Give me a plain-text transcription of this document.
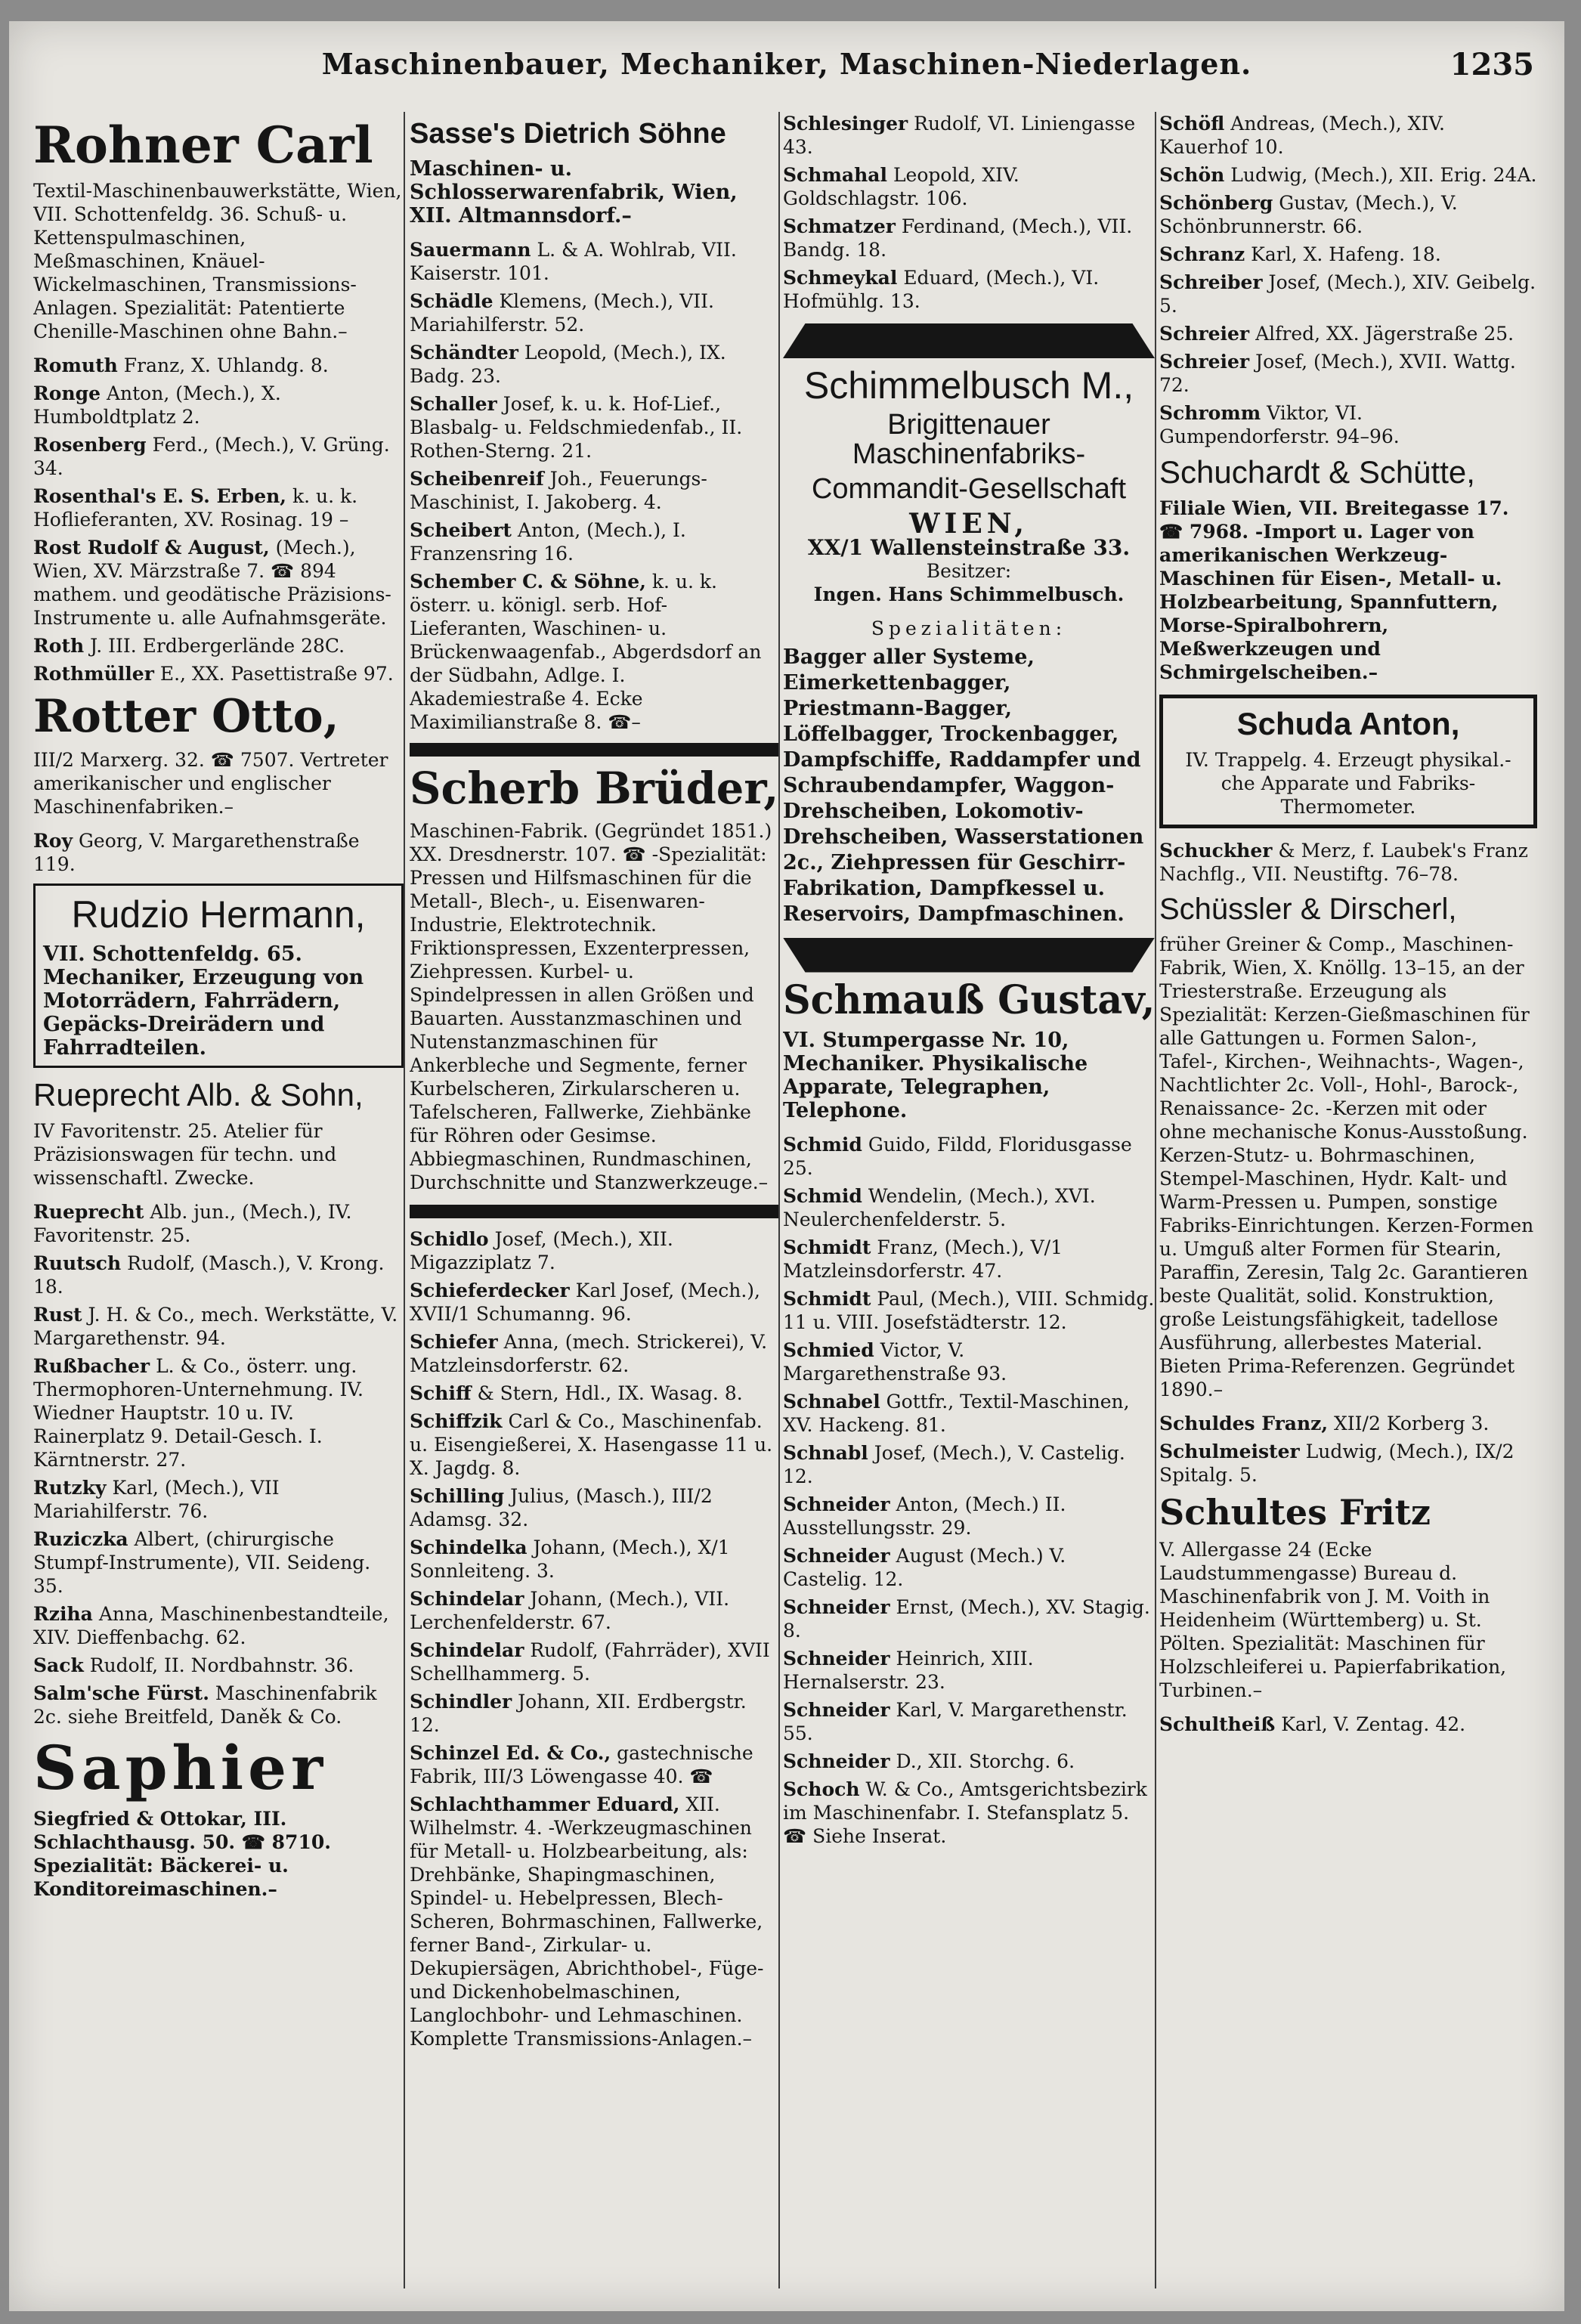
Maschinenbauer, Mechaniker, Maschinen-Niederlagen.	1235
Rohner Carl
Textil-Maschinenbauwerkstätte, Wien, VII. Schottenfeldg. 36. Schuß- u. Kettenspulmaschinen, Meßmaschinen, Knäuel-Wickelmaschinen, Transmissions-Anlagen. Spezialität: Patentierte Chenille-Maschinen ohne Bahn.–
Romuth Franz, X. Uhlandg. 8.
Ronge Anton, (Mech.), X. Humboldtplatz 2.
Rosenberg Ferd., (Mech.), V. Grüng. 34.
Rosenthal's E. S. Erben, k. u. k. Hoflieferanten, XV. Rosinag. 19 –
Rost Rudolf & August, (Mech.), Wien, XV. Märzstraße 7. ☎ 894 mathem. und geodätische Präzisions-Instrumente u. alle Aufnahmsgeräte.
Roth J. III. Erdbergerlände 28C.
Rothmüller E., XX. Pasettistraße 97.
Rotter Otto,
III/2 Marxerg. 32. ☎ 7507. Vertreter amerikanischer und englischer Maschinenfabriken.–
Roy Georg, V. Margarethenstraße 119.
Rudzio Hermann,
VII. Schottenfeldg. 65. Mechaniker, Erzeugung von Motorrädern, Fahrrädern, Gepäcks-Dreirädern und Fahrradteilen.
Rueprecht Alb. & Sohn,
IV Favoritenstr. 25. Atelier für Präzisionswagen für techn. und wissenschaftl. Zwecke.
Rueprecht Alb. jun., (Mech.), IV. Favoritenstr. 25.
Ruutsch Rudolf, (Masch.), V. Krong. 18.
Rust J. H. & Co., mech. Werkstätte, V. Margarethenstr. 94.
Rußbacher L. & Co., österr. ung. Thermophoren-Unternehmung. IV. Wiedner Hauptstr. 10 u. IV. Rainerplatz 9. Detail-Gesch. I. Kärntnerstr. 27.
Rutzky Karl, (Mech.), VII Mariahilferstr. 76.
Ruziczka Albert, (chirurgische Stumpf-Instrumente), VII. Seideng. 35.
Rziha Anna, Maschinenbestandteile, XIV. Dieffenbachg. 62.
Sack Rudolf, II. Nordbahnstr. 36.
Salm'sche Fürst. Maschinenfabrik 2c. siehe Breitfeld, Daněk & Co.
Saphier
Siegfried & Ottokar, III. Schlachthausg. 50. ☎ 8710. Spezialität: Bäckerei- u. Konditoreimaschinen.–
Sasse's Dietrich Söhne
Maschinen- u. Schlosserwarenfabrik, Wien, XII. Altmannsdorf.–
Sauermann L. & A. Wohlrab, VII. Kaiserstr. 101.
Schädle Klemens, (Mech.), VII. Mariahilferstr. 52.
Schändter Leopold, (Mech.), IX. Badg. 23.
Schaller Josef, k. u. k. Hof-Lief., Blasbalg- u. Feldschmiedenfab., II. Rothen-Sterng. 21.
Scheibenreif Joh., Feuerungs-Maschinist, I. Jakoberg. 4.
Scheibert Anton, (Mech.), I. Franzensring 16.
Schember C. & Söhne, k. u. k. österr. u. königl. serb. Hof-Lieferanten, Waschinen- u. Brückenwaagenfab., Abgerdsdorf an der Südbahn, Adlge. I. Akademiestraße 4. Ecke Maximilianstraße 8. ☎–
Scherb Brüder,
Maschinen-Fabrik. (Gegründet 1851.) XX. Dresdnerstr. 107. ☎ -Spezialität: Pressen und Hilfsmaschinen für die Metall-, Blech-, u. Eisenwaren-Industrie, Elektrotechnik. Friktionspressen, Exzenterpressen, Ziehpressen. Kurbel- u. Spindelpressen in allen Größen und Bauarten. Ausstanzmaschinen und Nutenstanzmaschinen für Ankerbleche und Segmente, ferner Kurbelscheren, Zirkularscheren u. Tafelscheren, Fallwerke, Ziehbänke für Röhren oder Gesimse. Abbiegmaschinen, Rundmaschinen, Durchschnitte und Stanzwerkzeuge.–
Schidlo Josef, (Mech.), XII. Migazziplatz 7.
Schieferdecker Karl Josef, (Mech.), XVII/1 Schumanng. 96.
Schiefer Anna, (mech. Strickerei), V. Matzleinsdorferstr. 62.
Schiff & Stern, Hdl., IX. Wasag. 8.
Schiffzik Carl & Co., Maschinenfab. u. Eisengießerei, X. Hasengasse 11 u. X. Jagdg. 8.
Schilling Julius, (Masch.), III/2 Adamsg. 32.
Schindelka Johann, (Mech.), X/1 Sonnleiteng. 3.
Schindelar Johann, (Mech.), VII. Lerchenfelderstr. 67.
Schindelar Rudolf, (Fahrräder), XVII Schellhammerg. 5.
Schindler Johann, XII. Erdbergstr. 12.
Schinzel Ed. & Co., gastechnische Fabrik, III/3 Löwengasse 40. ☎
Schlachthammer Eduard, XII. Wilhelmstr. 4. -Werkzeugmaschinen für Metall- u. Holzbearbeitung, als: Drehbänke, Shapingmaschinen, Spindel- u. Hebelpressen, Blech-Scheren, Bohrmaschinen, Fallwerke, ferner Band-, Zirkular- u. Dekupiersägen, Abrichthobel-, Füge- und Dickenhobelmaschinen, Langlochbohr- und Lehmaschinen. Komplette Transmissions-Anlagen.–
Schlesinger Rudolf, VI. Liniengasse 43.
Schmahal Leopold, XIV. Goldschlagstr. 106.
Schmatzer Ferdinand, (Mech.), VII. Bandg. 18.
Schmeykal Eduard, (Mech.), VI. Hofmühlg. 13.
Schimmelbusch M.,
Brigittenauer
Maschinenfabriks-Commandit-Gesellschaft
WIEN,
XX/1 Wallensteinstraße 33.
Besitzer:
Ingen. Hans Schimmelbusch.
Spezialitäten:
Bagger aller Systeme, Eimerkettenbagger, Priestmann-Bagger, Löffelbagger, Trockenbagger, Dampfschiffe, Raddampfer und Schraubendampfer, Waggon-Drehscheiben, Lokomotiv-Drehscheiben, Wasserstationen 2c., Ziehpressen für Geschirr-Fabrikation, Dampfkessel u. Reservoirs, Dampfmaschinen.
Schmauß Gustav,
VI. Stumpergasse Nr. 10, Mechaniker. Physikalische Apparate, Telegraphen, Telephone.
Schmid Guido, Fildd, Floridusgasse 25.
Schmid Wendelin, (Mech.), XVI. Neulerchenfelderstr. 5.
Schmidt Franz, (Mech.), V/1 Matzleinsdorferstr. 47.
Schmidt Paul, (Mech.), VIII. Schmidg. 11 u. VIII. Josefstädterstr. 12.
Schmied Victor, V. Margarethenstraße 93.
Schnabel Gottfr., Textil-Maschinen, XV. Hackeng. 81.
Schnabl Josef, (Mech.), V. Castelig. 12.
Schneider Anton, (Mech.) II. Ausstellungsstr. 29.
Schneider August (Mech.) V. Castelig. 12.
Schneider Ernst, (Mech.), XV. Stagig. 8.
Schneider Heinrich, XIII. Hernalserstr. 23.
Schneider Karl, V. Margarethenstr. 55.
Schneider D., XII. Storchg. 6.
Schoch W. & Co., Amtsgerichtsbezirk im Maschinenfabr. I. Stefansplatz 5. ☎ Siehe Inserat.
Schöfl Andreas, (Mech.), XIV. Kauerhof 10.
Schön Ludwig, (Mech.), XII. Erig. 24A.
Schönberg Gustav, (Mech.), V. Schönbrunnerstr. 66.
Schranz Karl, X. Hafeng. 18.
Schreiber Josef, (Mech.), XIV. Geibelg. 5.
Schreier Alfred, XX. Jägerstraße 25.
Schreier Josef, (Mech.), XVII. Wattg. 72.
Schromm Viktor, VI. Gumpendorferstr. 94–96.
Schuchardt & Schütte,
Filiale Wien, VII. Breitegasse 17. ☎ 7968. -Import u. Lager von amerikanischen Werkzeug-Maschinen für Eisen-, Metall- u. Holzbearbeitung, Spannfuttern, Morse-Spiralbohrern, Meßwerkzeugen und Schmirgelscheiben.–
Schuda Anton,
IV. Trappelg. 4. Erzeugt physikal.-che Apparate und Fabriks-Thermometer.
Schuckher & Merz, f. Laubek's Franz Nachflg., VII. Neustiftg. 76–78.
Schüssler & Dirscherl,
früher Greiner & Comp., Maschinen-Fabrik, Wien, X. Knöllg. 13–15, an der Triesterstraße. Erzeugung als Spezialität: Kerzen-Gießmaschinen für alle Gattungen u. Formen Salon-, Tafel-, Kirchen-, Weihnachts-, Wagen-, Nachtlichter 2c. Voll-, Hohl-, Barock-, Renaissance- 2c. -Kerzen mit oder ohne mechanische Konus-Ausstoßung. Kerzen-Stutz- u. Bohrmaschinen, Stempel-Maschinen, Hydr. Kalt- und Warm-Pressen u. Pumpen, sonstige Fabriks-Einrichtungen. Kerzen-Formen u. Umguß alter Formen für Stearin, Paraffin, Zeresin, Talg 2c. Garantieren beste Qualität, solid. Konstruktion, große Leistungsfähigkeit, tadellose Ausführung, allerbestes Material. Bieten Prima-Referenzen. Gegründet 1890.–
Schuldes Franz, XII/2 Korberg 3.
Schulmeister Ludwig, (Mech.), IX/2 Spitalg. 5.
Schultes Fritz
V. Allergasse 24 (Ecke Laudstummengasse) Bureau d. Maschinenfabrik von J. M. Voith in Heidenheim (Württemberg) u. St. Pölten. Spezialität: Maschinen für Holzschleiferei u. Papierfabrikation, Turbinen.–
Schultheiß Karl, V. Zentag. 42.
